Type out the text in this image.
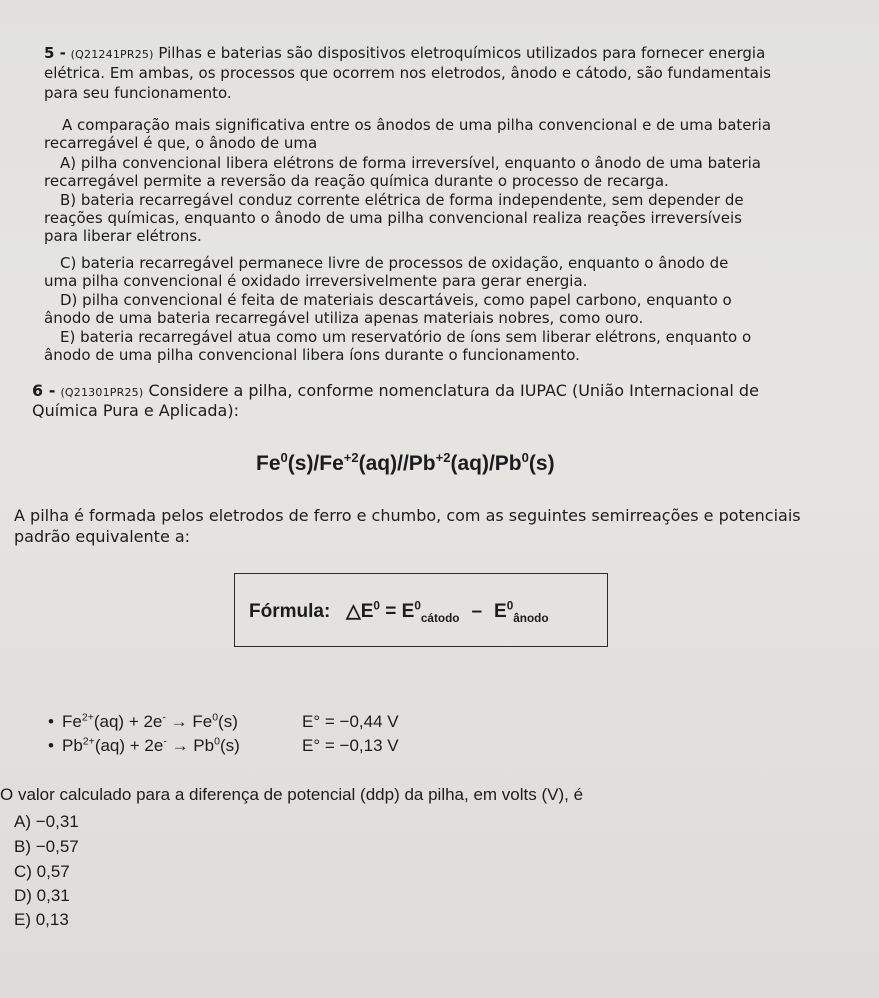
5 - (Q21241PR25) Pilhas e baterias são dispositivos eletroquímicos utilizados para fornecer energia

elétrica. Em ambas, os processos que ocorrem nos eletrodos, ânodo e cátodo, são fundamentais

para seu funcionamento.

A comparação mais significativa entre os ânodos de uma pilha convencional e de uma bateria

recarregável é que, o ânodo de uma

A) pilha convencional libera elétrons de forma irreversível, enquanto o ânodo de uma bateria

recarregável permite a reversão da reação química durante o processo de recarga.

B) bateria recarregável conduz corrente elétrica de forma independente, sem depender de

reações químicas, enquanto o ânodo de uma pilha convencional realiza reações irreversíveis

para liberar elétrons.

C) bateria recarregável permanece livre de processos de oxidação, enquanto o ânodo de

uma pilha convencional é oxidado irreversivelmente para gerar energia.

D) pilha convencional é feita de materiais descartáveis, como papel carbono, enquanto o

ânodo de uma bateria recarregável utiliza apenas materiais nobres, como ouro.

E) bateria recarregável atua como um reservatório de íons sem liberar elétrons, enquanto o

ânodo de uma pilha convencional libera íons durante o funcionamento.

6 - (Q21301PR25) Considere a pilha, conforme nomenclatura da IUPAC (União Internacional de

Química Pura e Aplicada):

$Fe^0(s)/Fe^{+2}(aq)//Pb^{+2}(aq)/Pb^0(s)$

A pilha é formada pelos eletrodos de ferro e chumbo, com as seguintes semirreações e potenciais

padrão equivalente a:

Fórmula: $\triangle E^0 = E^0_{cátodo} - E^0_{ânodo}$
• $Fe^{2+}(aq) + 2e^- \to Fe^0(s)$	E° = −0,44 V
• $Pb^{2+}(aq) + 2e^- \to Pb^0(s)$	E° = −0,13 V

O valor calculado para a diferença de potencial (ddp) da pilha, em volts (V), é

A) −0,31

B) −0,57

C) 0,57

D) 0,31

E) 0,13
